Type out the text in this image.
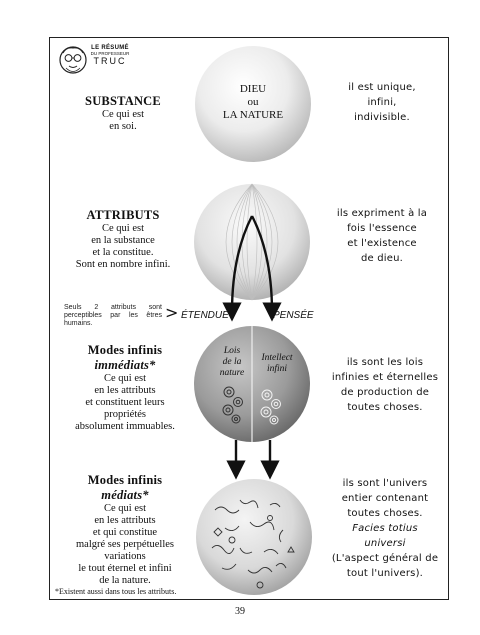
LE RÉSUMÉ
DU PROFESSEUR
TRUC
SUBSTANCE
Ce qui est
en soi.
DIEU
ou
LA NATURE
il est unique,
infini,
indivisible.
ATTRIBUTS
Ce qui est
en la substance
et la constitue.
Sont en nombre infini.
ils expriment à la
fois l'essence
et l'existence
de dieu.
Seuls 2 attributs sont perceptibles par les êtres humains.
> ÉTENDUE	PENSÉE
Modes infinis
immédiats*
Ce qui est
en les attributs
et constituent leurs
propriétés
absolument immuables.
Lois
de la
nature
Intellect
infini
ils sont les lois
infinies et éternelles
de production de
toutes choses.
Modes infinis
médiats*
Ce qui est
en les attributs
et qui constitue
malgré ses perpétuelles
variations
le tout éternel et infini
de la nature.
ils sont l'univers
entier contenant
toutes choses.
Facies totius
universi
(L'aspect général de
tout l'univers).
*Existent aussi dans tous les attributs.
39
